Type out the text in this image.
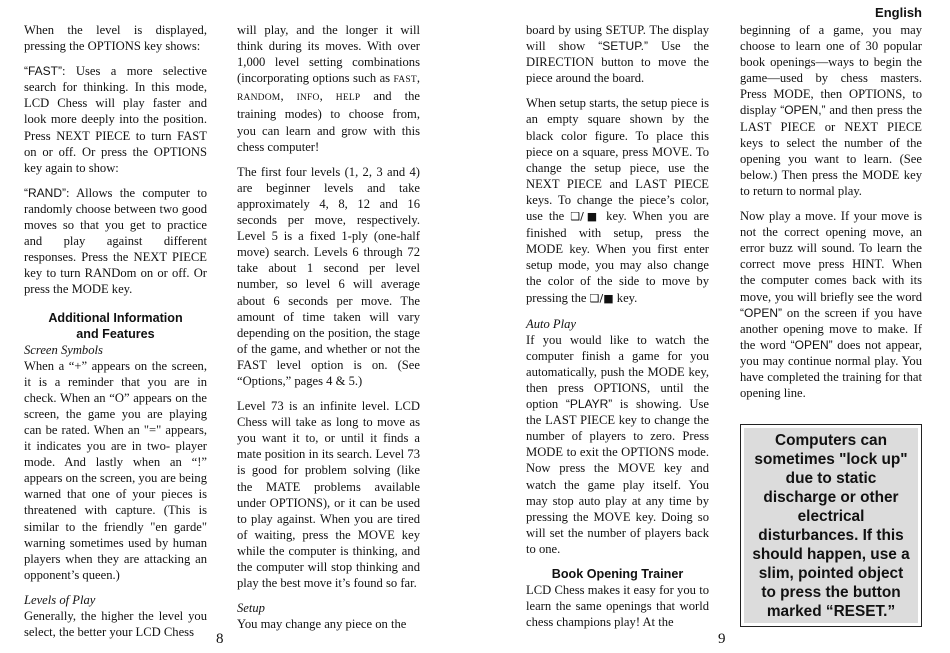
English

When the level is displayed, pressing the OPTIONS key shows:

“FAST”: Uses a more selective search for thinking. In this mode, LCD Chess will play faster and look more deeply into the position. Press NEXT PIECE to turn FAST on or off. Or press the OPTIONS key again to show:

“RAND”: Allows the computer to randomly choose between two good moves so that you get to practice and play against different responses. Press the NEXT PIECE key to turn RANDom on or off. Or press the MODE key.

Additional Information
and Features
Screen Symbols

When a “+” appears on the screen, it is a reminder that you are in check. When an “O” appears on the screen, the game you are playing can be rated. When an "=" appears, it indicates you are in two- player mode. And lastly when an “!” appears on the screen, you are being warned that one of your pieces is threatened with capture. (This is similar to the friendly "en garde" warning sometimes used by human players when they are attacking an opponent’s queen.)

Levels of Play

Generally, the higher the level you select, the better your LCD Chess

will play, and the longer it will think during its moves. With over 1,000 level setting combinations (incorporating options such as FAST, RANDOM, INFO, HELP and the training modes) to choose from, you can learn and grow with this chess computer!

The first four levels (1, 2, 3 and 4) are beginner levels and take approximately 4, 8, 12 and 16 seconds per move, respectively. Level 5 is a fixed 1-ply (one-half move) search. Levels 6 through 72 take about 1 second per level number, so level 6 will average about 6 seconds per move. The amount of time taken will vary depending on the position, the stage of the game, and whether or not the FAST level option is on. (See “Options,” pages 4 & 5.)

Level 73 is an infinite level. LCD Chess will take as long to move as you want it to, or until it finds a mate position in its search. Level 73 is good for problem solving (like the MATE problems available under OPTIONS), or it can be used to play against. When you are tired of waiting, press the MOVE key while the computer is thinking, and the computer will stop thinking and play the best move it’s found so far.

Setup

You may change any piece on the

board by using SETUP. The display will show “SETUP.” Use the DIRECTION button to move the piece around the board.

When setup starts, the setup piece is an empty square shown by the black color figure. To place this piece on a square, press MOVE. To change the setup piece, use the NEXT PIECE and LAST PIECE keys. To change the piece’s color, use the ❑/■ key. When you are finished with setup, press the MODE key. When you first enter setup mode, you may also change the color of the side to move by pressing the ❑/■ key.

Auto Play

If you would like to watch the computer finish a game for you automatically, push the MODE key, then press OPTIONS, until the option “PLAYR” is showing. Use the LAST PIECE key to change the number of players to zero. Press MODE to exit the OPTIONS mode. Now press the MOVE key and watch the game play itself. You may stop auto play at any time by pressing the MOVE key. Doing so will set the number of players back to one.

Book Opening Trainer

LCD Chess makes it easy for you to learn the same openings that world chess champions play! At the

beginning of a game, you may choose to learn one of 30 popular book openings—ways to begin the game—used by chess masters. Press MODE, then OPTIONS, to display “OPEN,” and then press the LAST PIECE or NEXT PIECE keys to select the number of the opening you want to learn. (See below.) Then press the MODE key to return to normal play.

Now play a move. If your move is not the correct opening move, an error buzz will sound. To learn the correct move press HINT. When the computer comes back with its move, you will briefly see the word “OPEN” on the screen if you have another opening move to make. If the word “OPEN” does not appear, you may continue normal play. You have completed the training for that opening line.

Computers can sometimes "lock up" due to static discharge or other electrical disturbances. If this should happen, use a slim, pointed object to press the button marked “RESET.”
8	9
